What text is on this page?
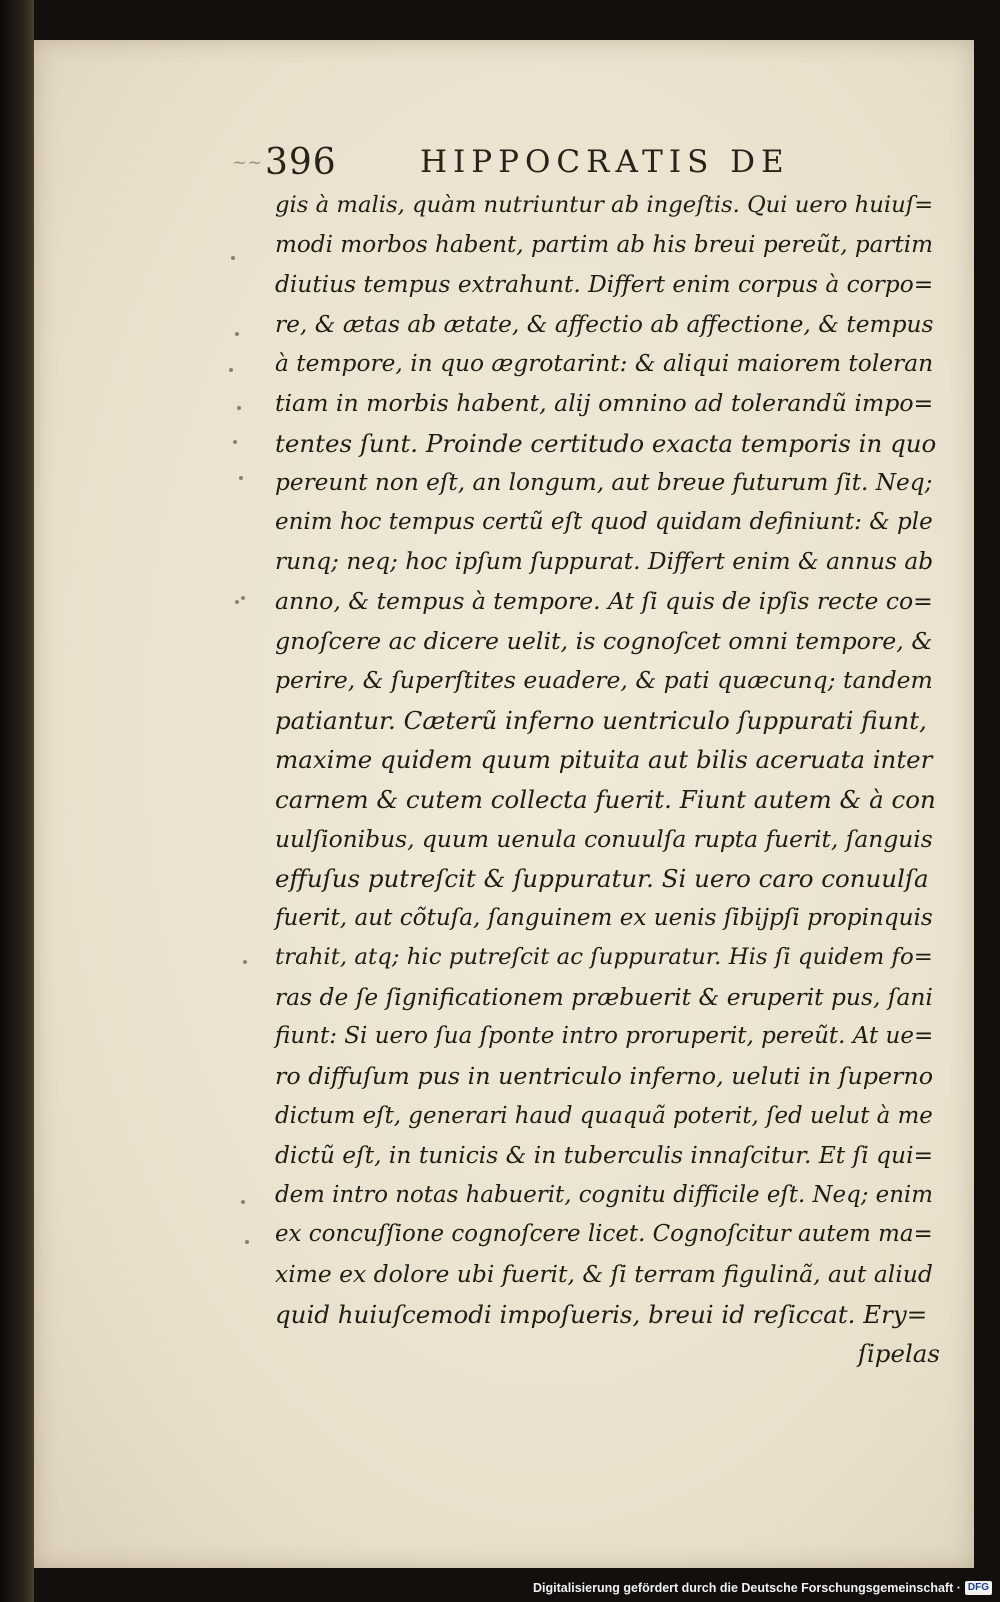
~~ 396	HIPPOCRATIS DE
gis à malis, quàm nutriuntur ab ingeſtis. Qui uero huiuſ=
modi morbos habent, partim ab his breui pereũt, partim
diutius tempus extrahunt. Differt enim corpus à corpo=
re, & ætas ab ætate, & affectio ab affectione, & tempus
à tempore, in quo ægrotarint: & aliqui maiorem toleran
tiam in morbis habent, alij omnino ad tolerandũ impo=
tentes ſunt. Proinde certitudo exacta temporis in quo
pereunt non eſt, an longum, aut breue futurum ſit. Neq;
enim hoc tempus certũ eſt quod quidam definiunt: & ple
runq; neq; hoc ipſum ſuppurat. Differt enim & annus ab
anno, & tempus à tempore. At ſi quis de ipſis recte co=
gnoſcere ac dicere uelit, is cognoſcet omni tempore, &
perire, & ſuperſtites euadere, & pati quæcunq; tandem
patiantur. Cæterũ inferno uentriculo ſuppurati fiunt,
maxime quidem quum pituita aut bilis aceruata inter
carnem & cutem collecta fuerit. Fiunt autem & à con
uulſionibus, quum uenula conuulſa rupta fuerit, ſanguis
effuſus putreſcit & ſuppuratur. Si uero caro conuulſa
fuerit, aut cõtuſa, ſanguinem ex uenis ſibijpſi propinquis
trahit, atq; hic putreſcit ac ſuppuratur. His ſi quidem fo=
ras de ſe ſignificationem præbuerit & eruperit pus, ſani
fiunt: Si uero ſua ſponte intro proruperit, pereũt. At ue=
ro diffuſum pus in uentriculo inferno, ueluti in ſuperno
dictum eſt, generari haud quaquã poterit, ſed uelut à me
dictũ eſt, in tunicis & in tuberculis innaſcitur. Et ſi qui=
dem intro notas habuerit, cognitu difficile eſt. Neq; enim
ex concuſſione cognoſcere licet. Cognoſcitur autem ma=
xime ex dolore ubi fuerit, & ſi terram figulinã, aut aliud
quid huiuſcemodi impoſueris, breui id reſiccat. Ery=
ſipelas
Digitalisierung gefördert durch die Deutsche Forschungsgemeinschaft · DFG
